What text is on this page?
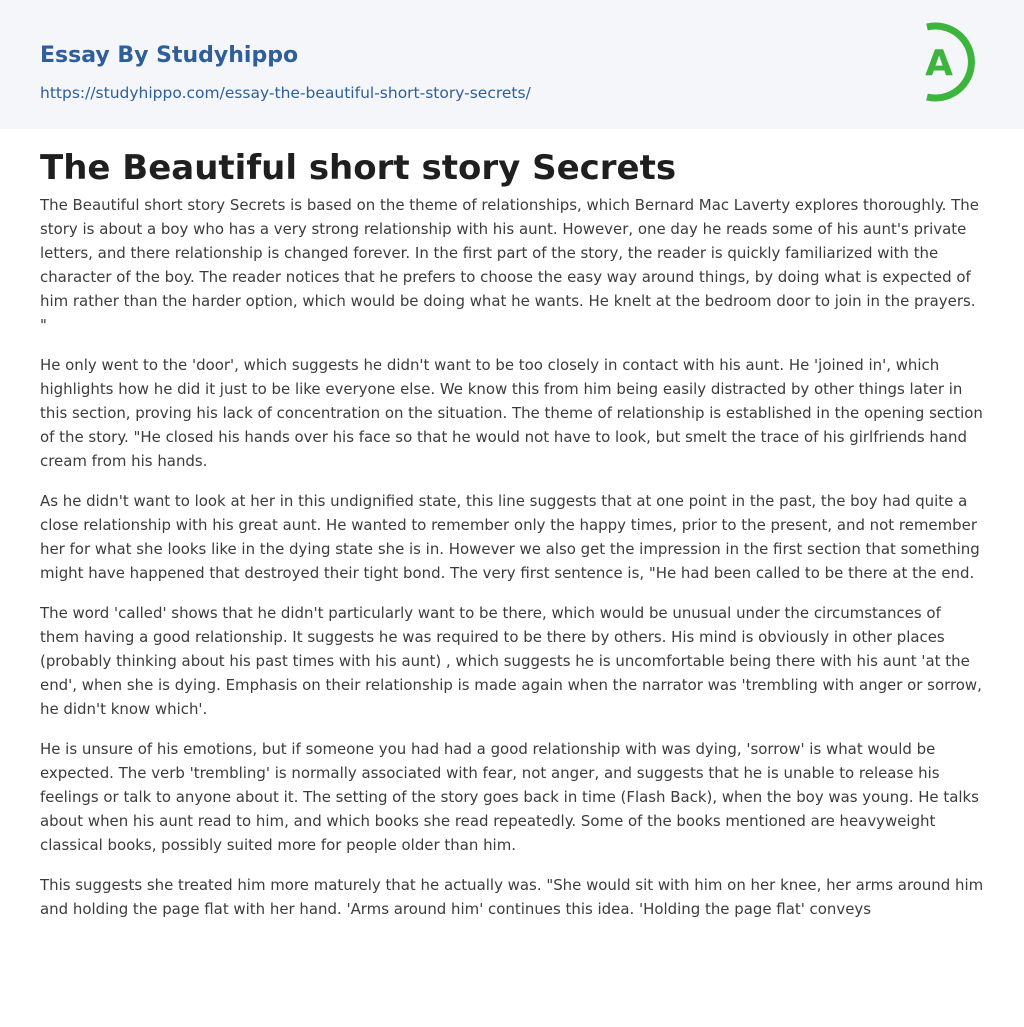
Essay By Studyhippo
https://studyhippo.com/essay-the-beautiful-short-story-secrets/
A
The Beautiful short story Secrets

The Beautiful short story Secrets is based on the theme of relationships, which Bernard Mac Laverty explores thoroughly. The story is about a boy who has a very strong relationship with his aunt. However, one day he reads some of his aunt's private letters, and there relationship is changed forever. In the first part of the story, the reader is quickly familiarized with the character of the boy. The reader notices that he prefers to choose the easy way around things, by doing what is expected of him rather than the harder option, which would be doing what he wants. He knelt at the bedroom door to join in the prayers. "

He only went to the 'door', which suggests he didn't want to be too closely in contact with his aunt. He 'joined in', which highlights how he did it just to be like everyone else. We know this from him being easily distracted by other things later in this section, proving his lack of concentration on the situation. The theme of relationship is established in the opening section of the story. "He closed his hands over his face so that he would not have to look, but smelt the trace of his girlfriends hand cream from his hands.

As he didn't want to look at her in this undignified state, this line suggests that at one point in the past, the boy had quite a close relationship with his great aunt. He wanted to remember only the happy times, prior to the present, and not remember her for what she looks like in the dying state she is in. However we also get the impression in the first section that something might have happened that destroyed their tight bond. The very first sentence is, "He had been called to be there at the end.

The word 'called' shows that he didn't particularly want to be there, which would be unusual under the circumstances of them having a good relationship. It suggests he was required to be there by others. His mind is obviously in other places (probably thinking about his past times with his aunt) , which suggests he is uncomfortable being there with his aunt 'at the end', when she is dying. Emphasis on their relationship is made again when the narrator was 'trembling with anger or sorrow, he didn't know which'.

He is unsure of his emotions, but if someone you had had a good relationship with was dying, 'sorrow' is what would be expected. The verb 'trembling' is normally associated with fear, not anger, and suggests that he is unable to release his feelings or talk to anyone about it. The setting of the story goes back in time (Flash Back), when the boy was young. He talks about when his aunt read to him, and which books she read repeatedly. Some of the books mentioned are heavyweight classical books, possibly suited more for people older than him.

This suggests she treated him more maturely that he actually was. "She would sit with him on her knee, her arms around him and holding the page flat with her hand. 'Arms around him' continues this idea. 'Holding the page flat' conveys
